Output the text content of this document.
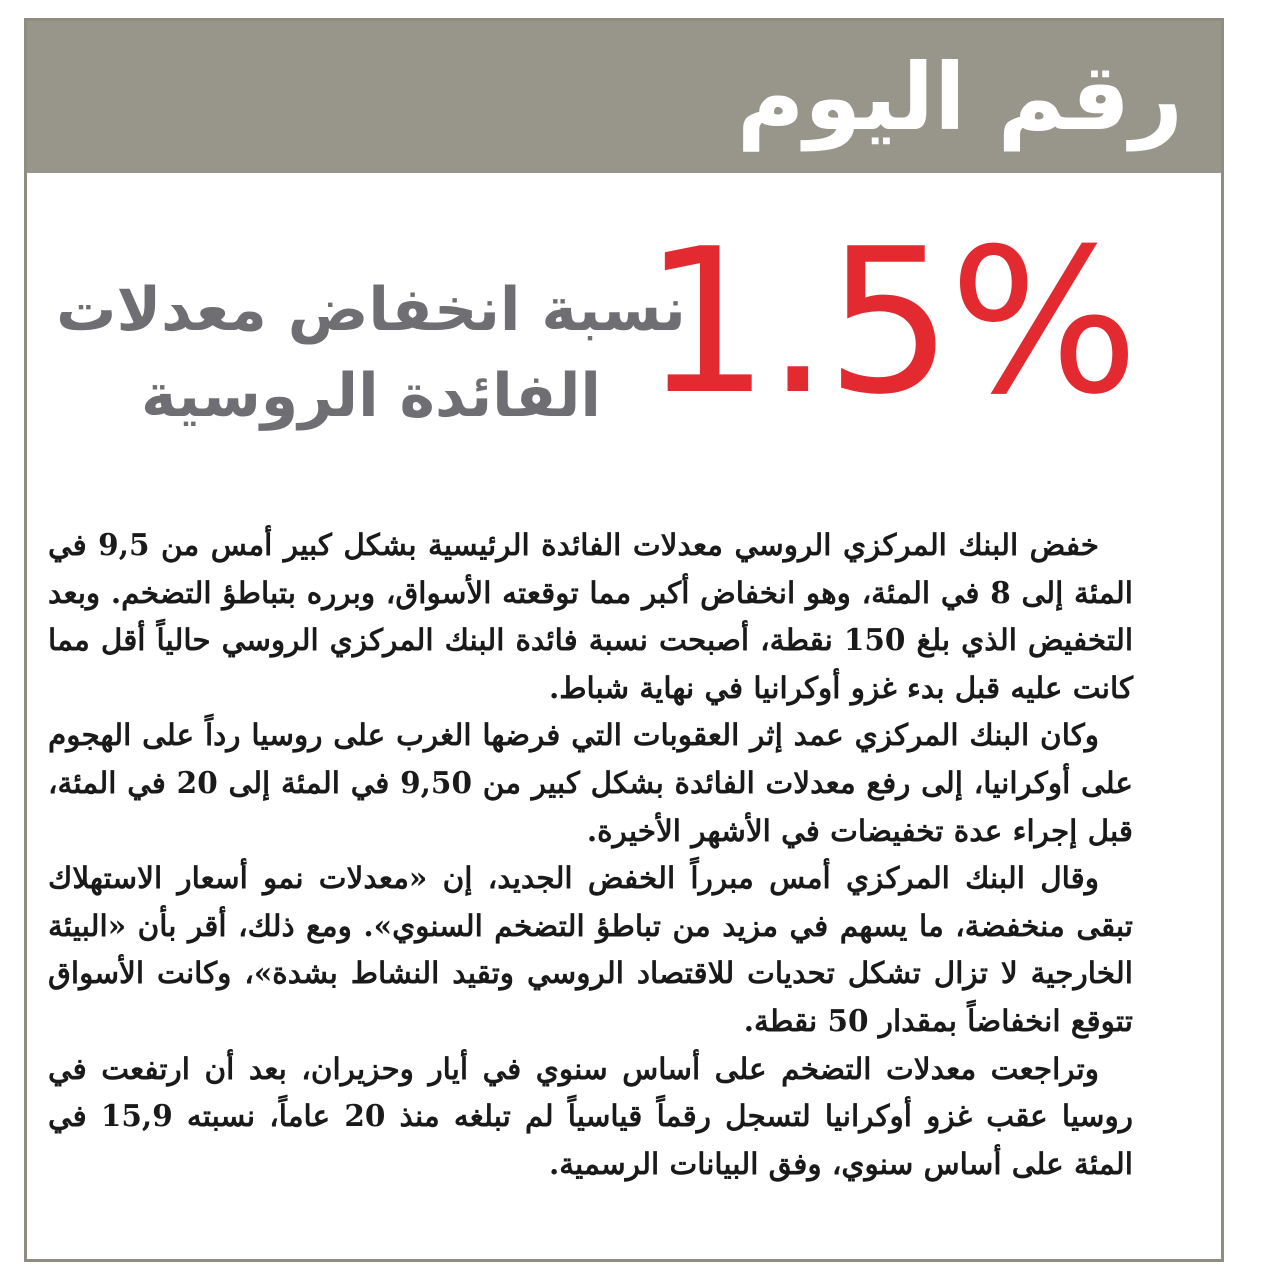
رقم اليوم
1.5%
نسبة انخفاض معدلات
الفائدة الروسية

خفض البنك المركزي الروسي معدلات الفائدة الرئيسية بشكل كبير أمس من 9,5 في المئة إلى 8 في المئة، وهو انخفاض أكبر مما توقعته الأسواق، وبرره بتباطؤ التضخم. وبعد التخفيض الذي بلغ 150 نقطة، أصبحت نسبة فائدة البنك المركزي الروسي حالياً أقل مما كانت عليه قبل بدء غزو أوكرانيا في نهاية شباط.

وكان البنك المركزي عمد إثر العقوبات التي فرضها الغرب على روسيا رداً على الهجوم على أوكرانيا، إلى رفع معدلات الفائدة بشكل كبير من 9,50 في المئة إلى 20 في المئة، قبل إجراء عدة تخفيضات في الأشهر الأخيرة.

وقال البنك المركزي أمس مبرراً الخفض الجديد، إن «معدلات نمو أسعار الاستهلاك تبقى منخفضة، ما يسهم في مزيد من تباطؤ التضخم السنوي». ومع ذلك، أقر بأن «البيئة الخارجية لا تزال تشكل تحديات للاقتصاد الروسي وتقيد النشاط بشدة»، وكانت الأسواق تتوقع انخفاضاً بمقدار 50 نقطة.

وتراجعت معدلات التضخم على أساس سنوي في أيار وحزيران، بعد أن ارتفعت في روسيا عقب غزو أوكرانيا لتسجل رقماً قياسياً لم تبلغه منذ 20 عاماً، نسبته 15,9 في المئة على أساس سنوي، وفق البيانات الرسمية.
